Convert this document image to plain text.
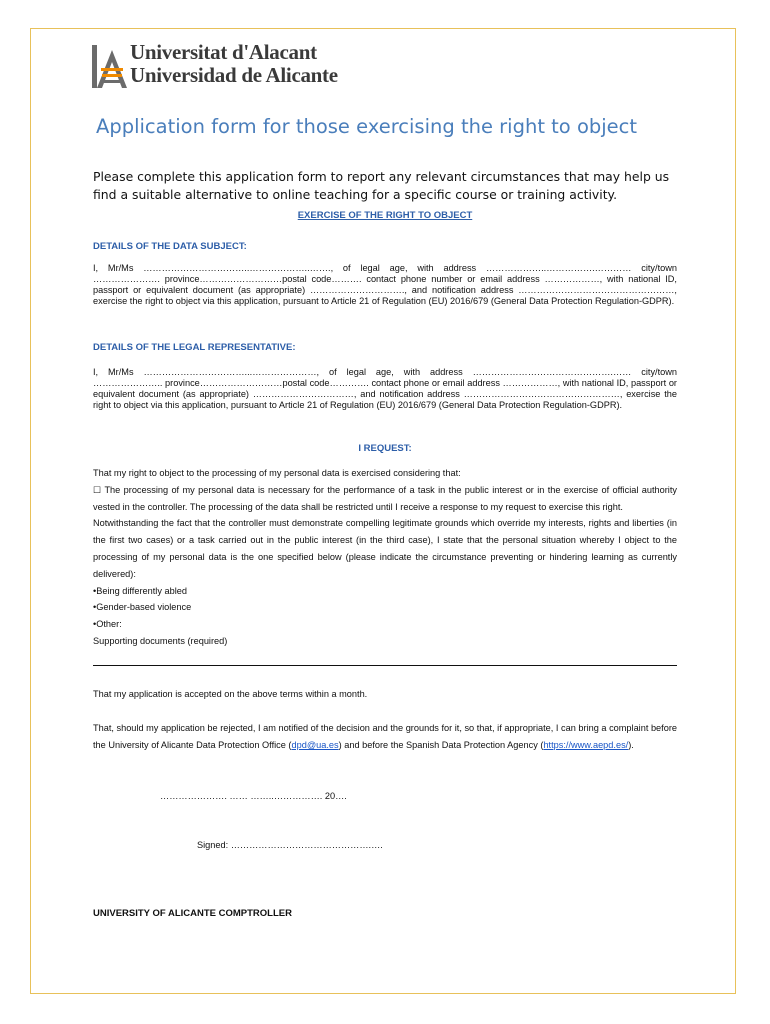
Universitat d'Alacant
Universidad de Alicante
Application form for those exercising the right to object
Please complete this application form to report any relevant circumstances that may help us find a suitable alternative to online teaching for a specific course or training activity.
EXERCISE OF THE RIGHT TO OBJECT
DETAILS OF THE DATA SUBJECT:
I, Mr/Ms ……………………………..………………..……., of legal age, with address ………………..…………….………… city/town …………………. province………………………postal code………. contact phone number or email address ………………, with national ID, passport or equivalent document (as appropriate) …………………………., and notification address ……………………………………………, exercise the right to object via this application, pursuant to Article 21 of Regulation (EU) 2016/679 (General Data Protection Regulation-GDPR).
DETAILS OF THE LEGAL REPRESENTATIVE:
I, Mr/Ms ……………………………...…………………, of legal age, with address ……………………………………….…… city/town ………………….. province………………………postal code…………. contact phone or email address ………………, with national ID, passport or equivalent document (as appropriate) ……………………………, and notification address ……………………………………………, exercise the right to object via this application, pursuant to Article 21 of Regulation (EU) 2016/679 (General Data Protection Regulation-GDPR).
I REQUEST:
That my right to object to the processing of my personal data is exercised considering that:
☐ The processing of my personal data is necessary for the performance of a task in the public interest or in the exercise of official authority vested in the controller. The processing of the data shall be restricted until I receive a response to my request to exercise this right.
Notwithstanding the fact that the controller must demonstrate compelling legitimate grounds which override my interests, rights and liberties (in the first two cases) or a task carried out in the public interest (in the third case), I state that the personal situation whereby I object to the processing of my personal data is the one specified below (please indicate the circumstance preventing or hindering learning as currently delivered):
•Being differently abled
•Gender-based violence
•Other:
Supporting documents (required)
That my application is accepted on the above terms within a month.
That, should my application be rejected, I am notified of the decision and the grounds for it, so that, if appropriate, I can bring a complaint before the University of Alicante Data Protection Office (dpd@ua.es) and before the Spanish Data Protection Agency (https://www.aepd.es/).
…………………. …… ……..……………. 20….
Signed: ……………………………………….….
UNIVERSITY OF ALICANTE COMPTROLLER
